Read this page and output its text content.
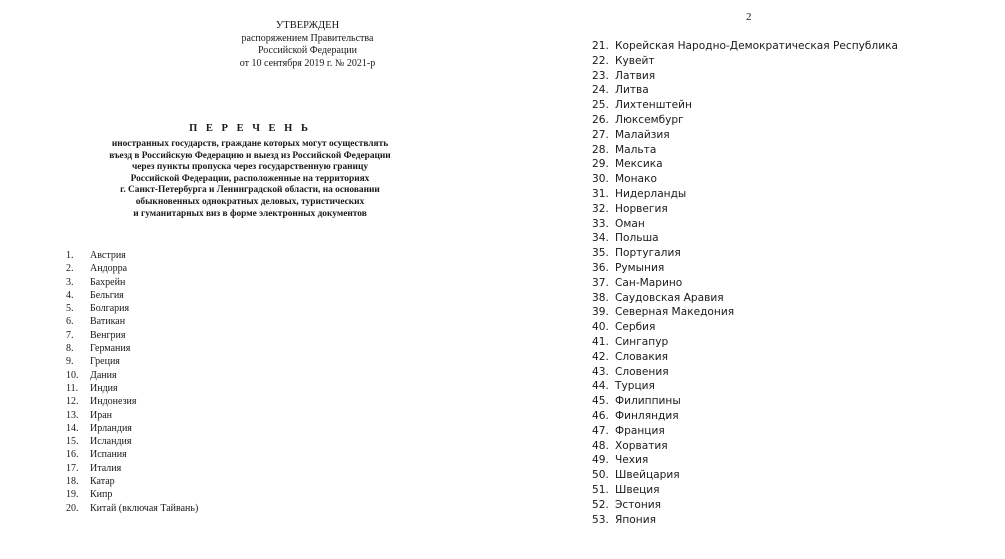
УТВЕРЖДЕН
распоряжением Правительства
Российской Федерации
от 10 сентября 2019 г. № 2021-р
П Е Р Е Ч Е Н Ь
иностранных государств, граждане которых могут осуществлять
въезд в Российскую Федерацию и выезд из Российской Федерации
через пункты пропуска через государственную границу
Российской Федерации, расположенные на территориях
г. Санкт-Петербурга и Ленинградской области, на основании
обыкновенных однократных деловых, туристических
и гуманитарных виз в форме электронных документов
1. Австрия
2. Андорра
3. Бахрейн
4. Бельгия
5. Болгария
6. Ватикан
7. Венгрия
8. Германия
9. Греция
10. Дания
11. Индия
12. Индонезия
13. Иран
14. Ирландия
15. Исландия
16. Испания
17. Италия
18. Катар
19. Кипр
20. Китай (включая Тайвань)
2
21. Корейская Народно-Демократическая Республика
22. Кувейт
23. Латвия
24. Литва
25. Лихтенштейн
26. Люксембург
27. Малайзия
28. Мальта
29. Мексика
30. Монако
31. Нидерланды
32. Норвегия
33. Оман
34. Польша
35. Португалия
36. Румыния
37. Сан-Марино
38. Саудовская Аравия
39. Северная Македония
40. Сербия
41. Сингапур
42. Словакия
43. Словения
44. Турция
45. Филиппины
46. Финляндия
47. Франция
48. Хорватия
49. Чехия
50. Швейцария
51. Швеция
52. Эстония
53. Япония
